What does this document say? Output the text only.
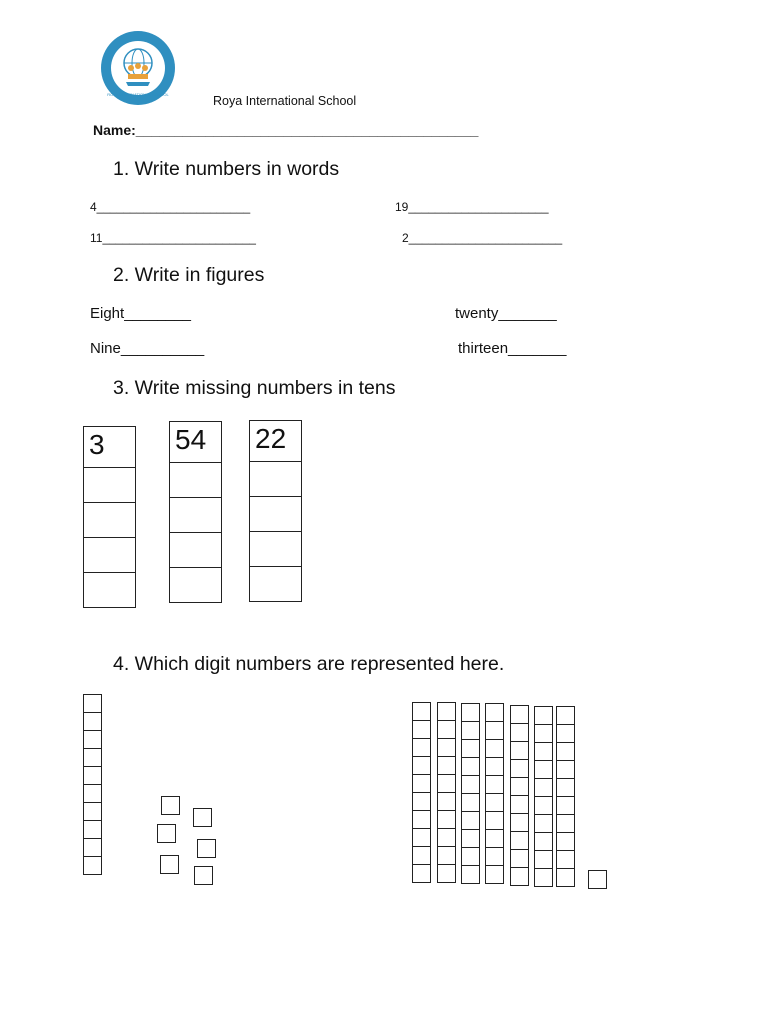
ROYA INTERNATIONAL SCHOOL	Roya International School
Name:____________________________________________
1. Write numbers in words
4_______________________	19_____________________
11_______________________	2_______________________
2. Write in figures
Eight________	twenty_______
Nine__________	thirteen_______
3. Write missing numbers in tens
3	54	22
4. Which digit numbers are represented here.
